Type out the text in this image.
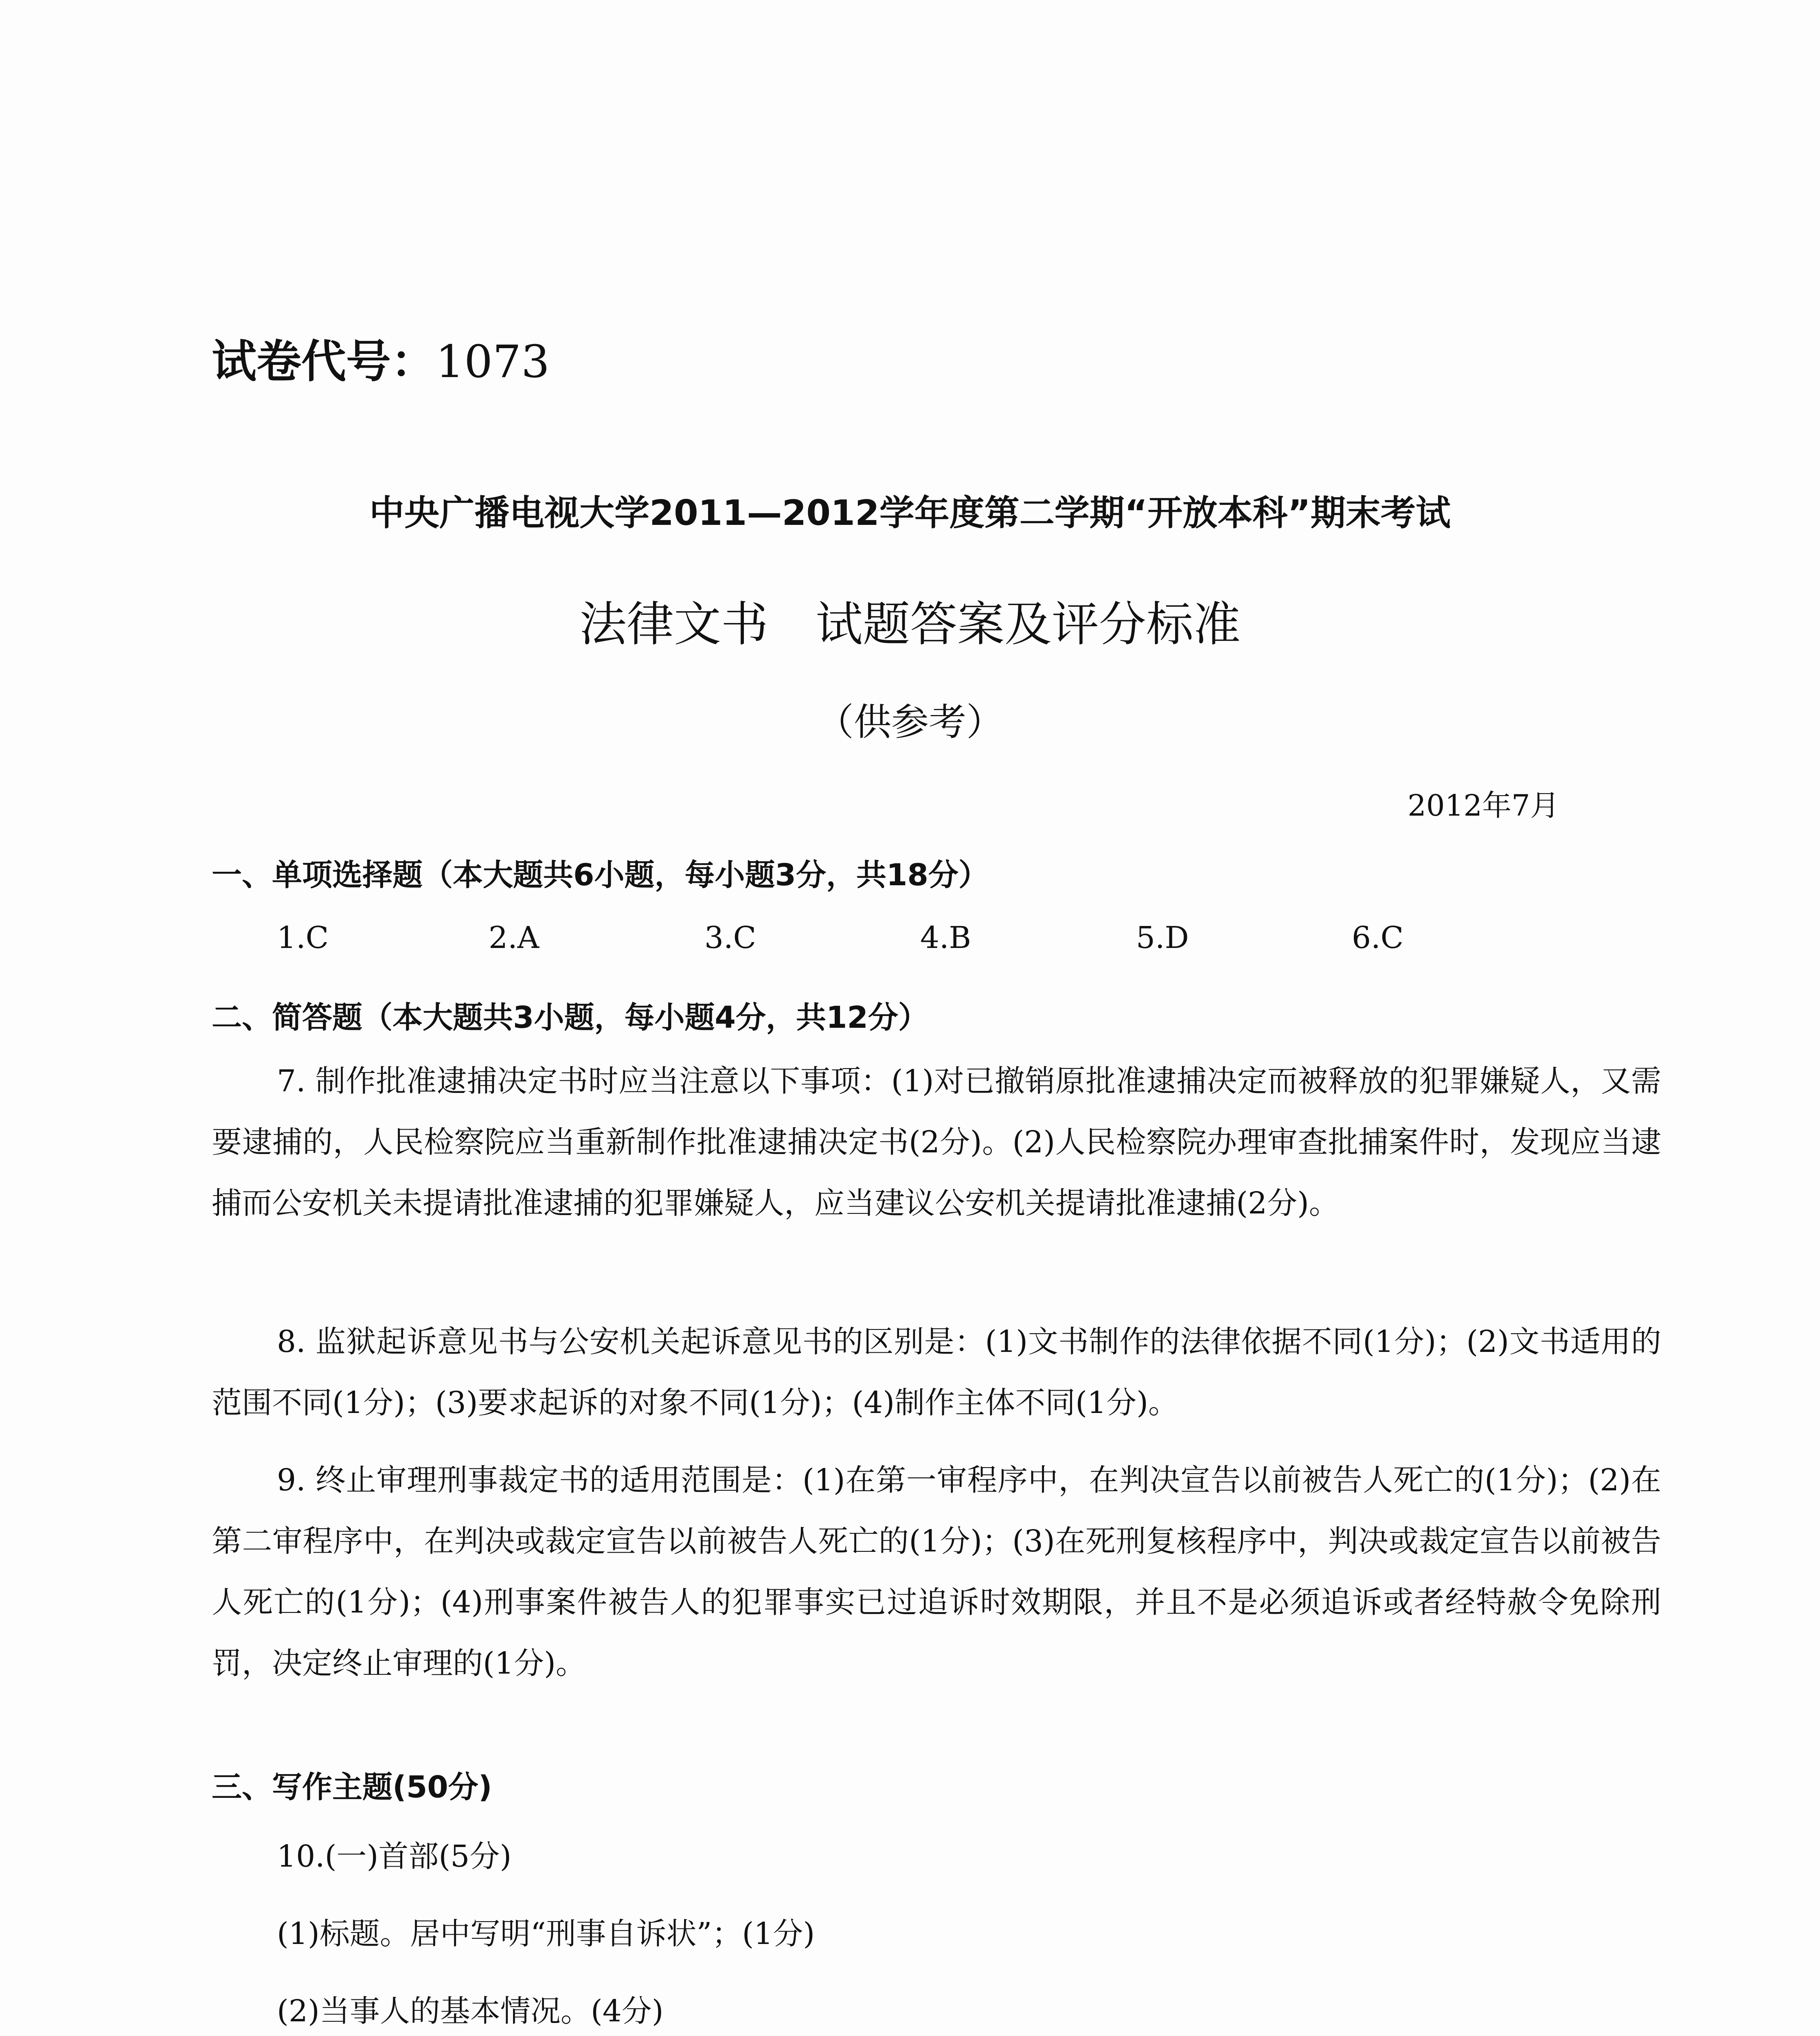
试卷代号：1073
中央广播电视大学2011—2012学年度第二学期“开放本科”期末考试
法律文书　试题答案及评分标准
（供参考）
2012年7月
一、单项选择题（本大题共6小题，每小题3分，共18分）
1.C	2.A	3.C	4.B	5.D	6.C
二、简答题（本大题共3小题，每小题4分，共12分）
7. 制作批准逮捕决定书时应当注意以下事项：(1)对已撤销原批准逮捕决定而被释放的犯罪嫌疑人，又需要逮捕的，人民检察院应当重新制作批准逮捕决定书(2分)。(2)人民检察院办理审查批捕案件时，发现应当逮捕而公安机关未提请批准逮捕的犯罪嫌疑人，应当建议公安机关提请批准逮捕(2分)。
8. 监狱起诉意见书与公安机关起诉意见书的区别是：(1)文书制作的法律依据不同(1分)；(2)文书适用的范围不同(1分)；(3)要求起诉的对象不同(1分)；(4)制作主体不同(1分)。
9. 终止审理刑事裁定书的适用范围是：(1)在第一审程序中，在判决宣告以前被告人死亡的(1分)；(2)在第二审程序中，在判决或裁定宣告以前被告人死亡的(1分)；(3)在死刑复核程序中，判决或裁定宣告以前被告人死亡的(1分)；(4)刑事案件被告人的犯罪事实已过追诉时效期限，并且不是必须追诉或者经特赦令免除刑罚，决定终止审理的(1分)。
三、写作主题(50分)
10.(一)首部(5分)
(1)标题。居中写明“刑事自诉状”；(1分)
(2)当事人的基本情况。(4分)
